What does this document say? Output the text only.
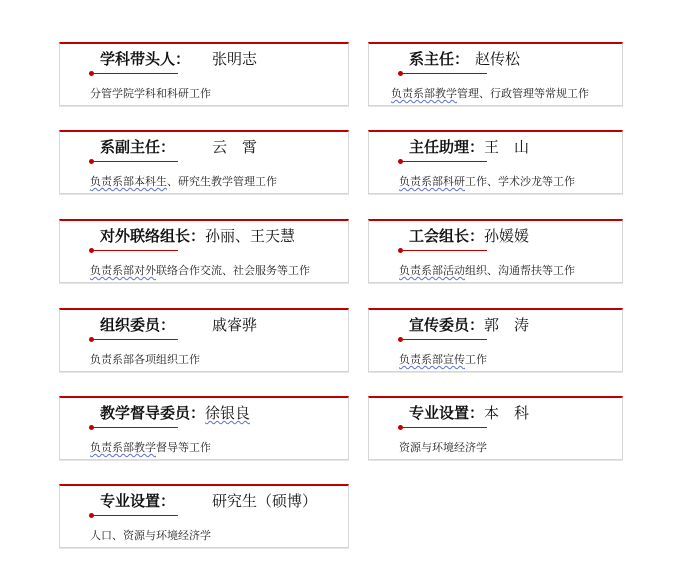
学科带头人： 张明志
分管学院学科和科研工作
系主任： 赵传松
负责系部教学管理、行政管理等常规工作
系副主任： 云　霄
负责系部本科生、研究生教学管理工作
主任助理：王　山
负责系部科研工作、学术沙龙等工作
对外联络组长：孙丽、王天慧
负责系部对外联络合作交流、社会服务等工作
工会组长：孙媛媛
负责系部活动组织、沟通帮扶等工作
组织委员： 戚睿骅
负责系部各项组织工作
宣传委员：郭　涛
负责系部宣传工作
教学督导委员：徐银良
负责系部教学督导等工作
专业设置：本　科
资源与环境经济学
专业设置： 研究生（硕博）
人口、资源与环境经济学
